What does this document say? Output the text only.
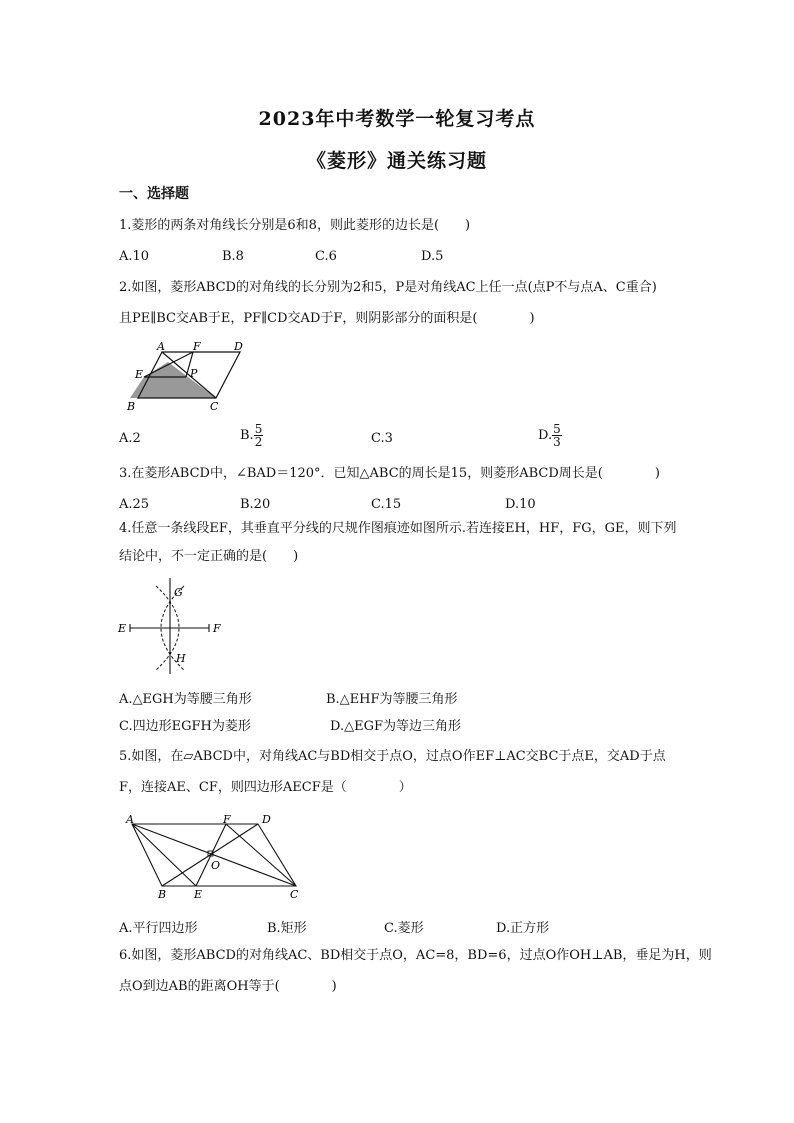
2023年中考数学一轮复习考点
《菱形》通关练习题
一、选择题
1.菱形的两条对角线长分别是6和8，则此菱形的边长是(　　)
A.10	B.8	C.6	D.5
2.如图，菱形ABCD的对角线的长分别为2和5，P是对角线AC上任一点(点P不与点A、C重合)
且PE∥BC交AB于E，PF∥CD交AD于F，则阴影部分的面积是(　　　　)
A	F	D
E	P
B	C
A.2	B. $\frac{5}{2}$	C.3	D. $\frac{5}{3}$
3.在菱形ABCD中，∠BAD＝120°．已知△ABC的周长是15，则菱形ABCD周长是(　　　　)
A.25	B.20	C.15	D.10
4.任意一条线段EF，其垂直平分线的尺规作图痕迹如图所示.若连接EH，HF，FG，GE，则下列
结论中，不一定正确的是(　　)
G
E	F
H
A.△EGH为等腰三角形	B.△EHF为等腰三角形
C.四边形EGFH为菱形	D.△EGF为等边三角形
5.如图，在▱ABCD中，对角线AC与BD相交于点O，过点O作EF⊥AC交BC于点E，交AD于点
F，连接AE、CF，则四边形AECF是（　　　　）
A	F	D
O
B	E	C
A.平行四边形	B.矩形	C.菱形	D.正方形
6.如图，菱形ABCD的对角线AC、BD相交于点O，AC=8，BD=6，过点O作OH⊥AB，垂足为H，则
点O到边AB的距离OH等于(　　　　)
